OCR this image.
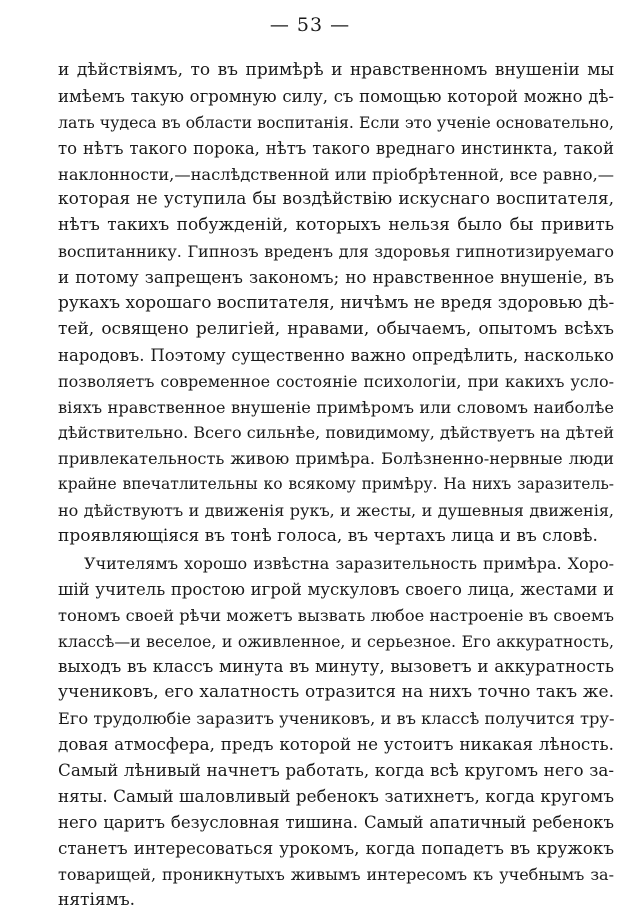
— 53 —
и дѣйствіямъ, то въ примѣрѣ и нравственномъ внушеніи мы
имѣемъ такую огромную силу, съ помощью которой можно дѣ-
лать чудеса въ области воспитанія. Если это ученіе основательно,
то нѣтъ такого порока, нѣтъ такого вреднаго инстинкта, такой
наклонности,—наслѣдственной или пріобрѣтенной, все равно,—
которая не уступила бы воздѣйствію искуснаго воспитателя,
нѣтъ такихъ побужденій, которыхъ нельзя было бы привить
воспитаннику. Гипнозъ вреденъ для здоровья гипнотизируемаго
и потому запрещенъ закономъ; но нравственное внушеніе, въ
рукахъ хорошаго воспитателя, ничѣмъ не вредя здоровью дѣ-
тей, освящено религіей, нравами, обычаемъ, опытомъ всѣхъ
народовъ. Поэтому существенно важно опредѣлить, насколько
позволяетъ современное состояніе психологіи, при какихъ усло-
віяхъ нравственное внушеніе примѣромъ или словомъ наиболѣе
дѣйствительно. Всего сильнѣе, повидимому, дѣйствуетъ на дѣтей
привлекательность живою примѣра. Болѣзненно-нервные люди
крайне впечатлительны ко всякому примѣру. На нихъ заразитель-
но дѣйствуютъ и движенія рукъ, и жесты, и душевныя движенія,
проявляющіяся въ тонѣ голоса, въ чертахъ лица и въ словѣ.
Учителямъ хорошо извѣстна заразительность примѣра. Хоро-
шій учитель простою игрой мускуловъ своего лица, жестами и
тономъ своей рѣчи можетъ вызвать любое настроеніе въ своемъ
классѣ—и веселое, и оживленное, и серьезное. Его аккуратность,
выходъ въ классъ минута въ минуту, вызоветъ и аккуратность
учениковъ, его халатность отразится на нихъ точно такъ же.
Его трудолюбіе заразитъ учениковъ, и въ классѣ получится тру-
довая атмосфера, предъ которой не устоитъ никакая лѣность.
Самый лѣнивый начнетъ работать, когда всѣ кругомъ него за-
няты. Самый шаловливый ребенокъ затихнетъ, когда кругомъ
него царитъ безусловная тишина. Самый апатичный ребенокъ
станетъ интересоваться урокомъ, когда попадетъ въ кружокъ
товарищей, проникнутыхъ живымъ интересомъ къ учебнымъ за-
нятіямъ.
